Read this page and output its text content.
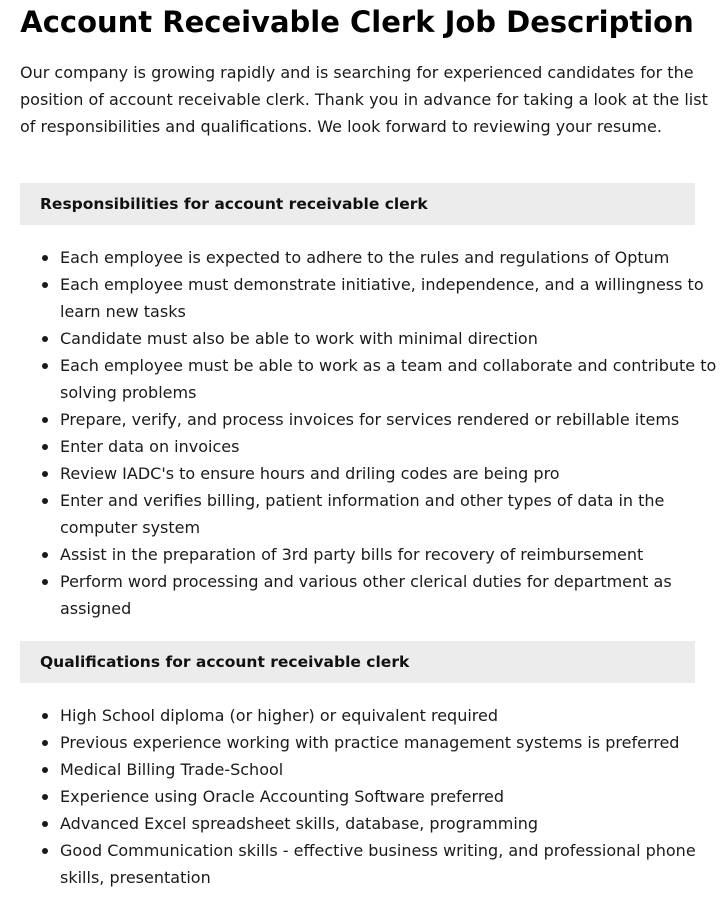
Account Receivable Clerk Job Description

Our company is growing rapidly and is searching for experienced candidates for the position of account receivable clerk. Thank you in advance for taking a look at the list of responsibilities and qualifications. We look forward to reviewing your resume.

Responsibilities for account receivable clerk
Each employee is expected to adhere to the rules and regulations of Optum
Each employee must demonstrate initiative, independence, and a willingness to learn new tasks
Candidate must also be able to work with minimal direction
Each employee must be able to work as a team and collaborate and contribute to solving problems
Prepare, verify, and process invoices for services rendered or rebillable items
Enter data on invoices
Review IADC's to ensure hours and driling codes are being pro
Enter and verifies billing, patient information and other types of data in the computer system
Assist in the preparation of 3rd party bills for recovery of reimbursement
Perform word processing and various other clerical duties for department as assigned
Qualifications for account receivable clerk
High School diploma (or higher) or equivalent required
Previous experience working with practice management systems is preferred
Medical Billing Trade-School
Experience using Oracle Accounting Software preferred
Advanced Excel spreadsheet skills, database, programming
Good Communication skills - effective business writing, and professional phone skills, presentation
